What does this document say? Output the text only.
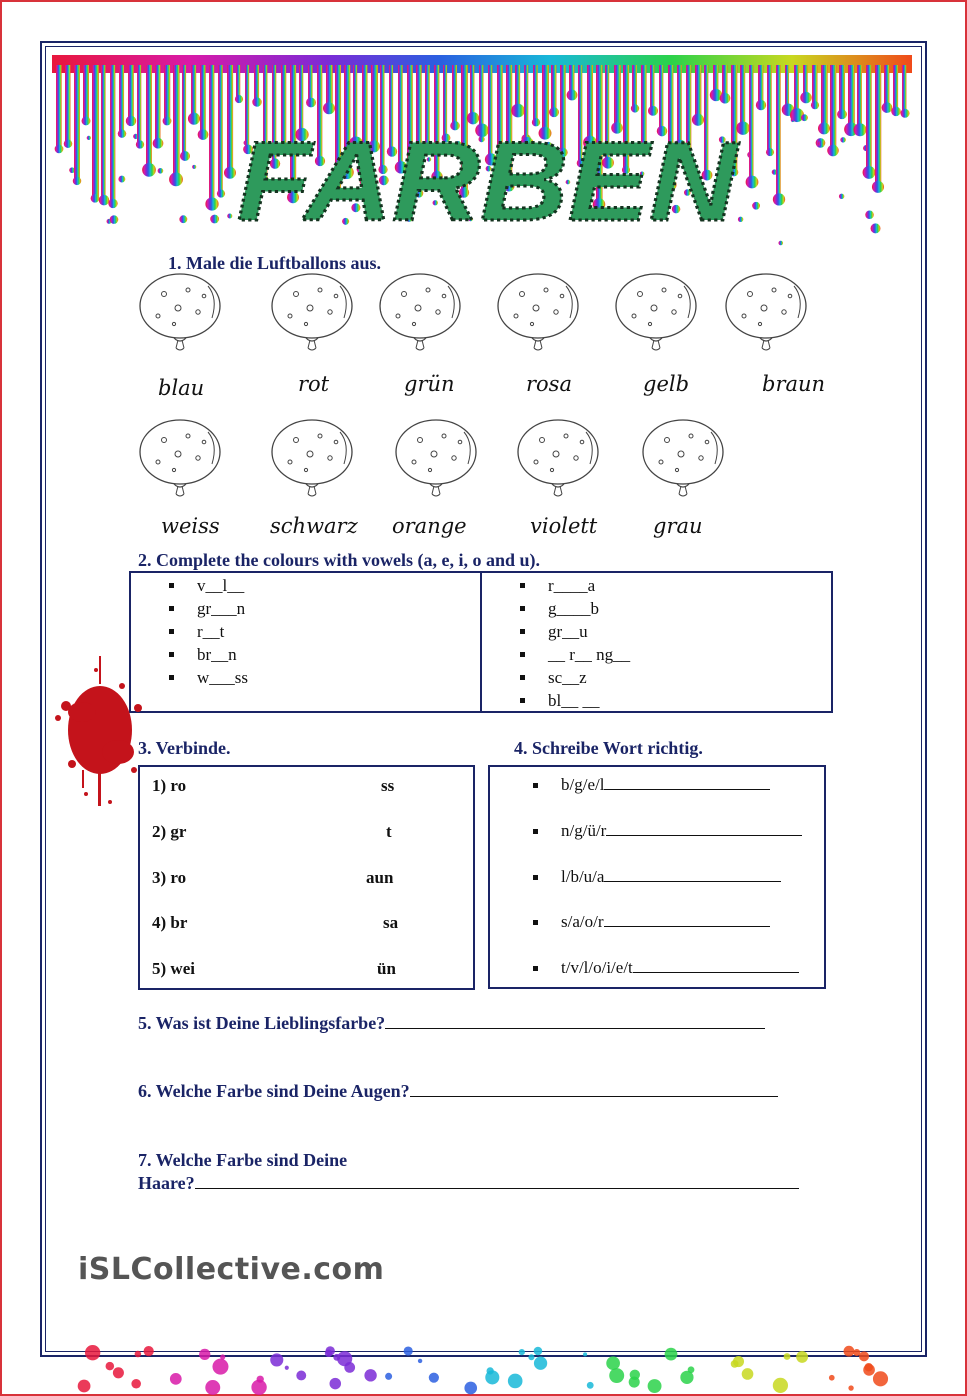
FARBEN
1. Male die Luftballons aus.
blau	rot	grün	rosa	gelb	braun
weiss schwarz orange	violett	grau
2. Complete the colours with vowels (a, e, i, o and u).
v__l__
gr___n
r__t
br__n
w___ss
r____a
g____b
gr__u
__ r__ ng__
sc__z
bl__ __
3. Verbinde.
1) ro	ss
2) gr	t
3) ro	aun
4) br	sa
5) wei	ün
4. Schreibe Wort richtig.
b/g/e/l
n/g/ü/r
l/b/u/a
s/a/o/r
t/v/l/o/i/e/t
5. Was ist Deine Lieblingsfarbe?
6. Welche Farbe sind Deine Augen?
7. Welche Farbe sind Deine
Haare?
iSLCollective.com
